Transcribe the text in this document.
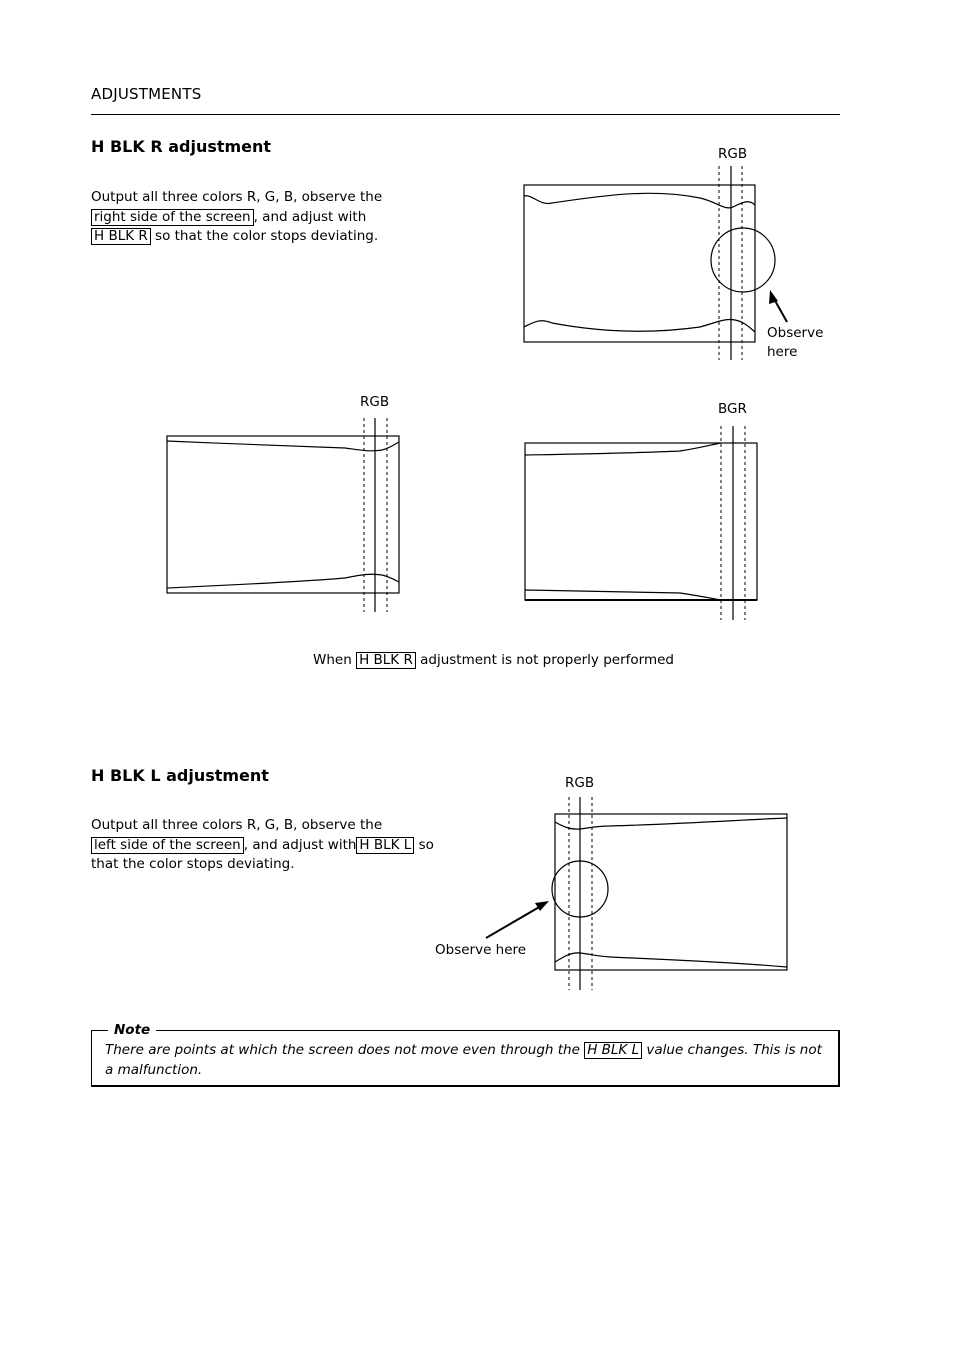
ADJUSTMENTS
H BLK R adjustment
Output all three colors R, G, B, observe the
right side of the screen , and adjust with
H BLK R so that the color stops deviating.
RGB
Observe
here
RGB	BGR
When H BLK R adjustment is not properly performed
H BLK L adjustment
Output all three colors R, G, B, observe the
left side of the screen , and adjust with H BLK L so
that the color stops deviating.
RGB
Observe here
Note
There are points at which the screen does not move even through the H BLK L value changes. This is not a malfunction.
